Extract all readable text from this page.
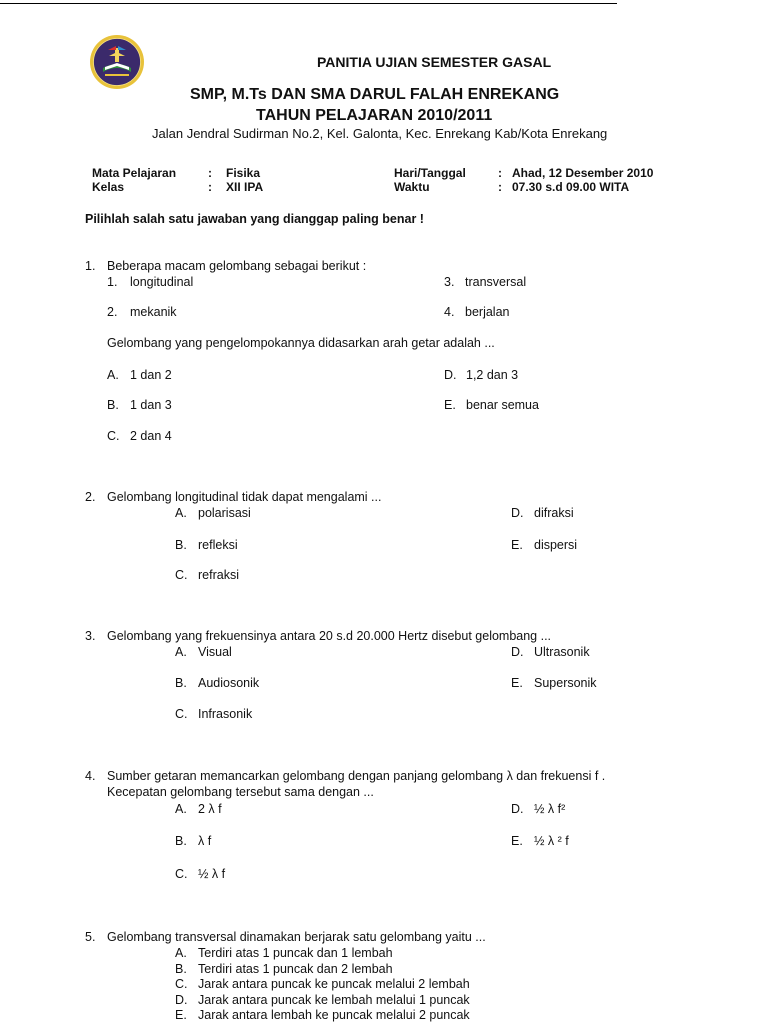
PANITIA UJIAN SEMESTER GASAL
SMP, M.Ts DAN SMA DARUL FALAH ENREKANG
TAHUN PELAJARAN 2010/2011
Jalan Jendral Sudirman No.2, Kel. Galonta, Kec. Enrekang Kab/Kota Enrekang
Mata Pelajaran	: Fisika
Kelas	: XII IPA
Hari/Tanggal	: Ahad, 12 Desember 2010
Waktu	: 07.30 s.d 09.00 WITA
Pilihlah salah satu jawaban yang dianggap paling benar !
1. Beberapa macam gelombang sebagai berikut :
1. longitudinal	3. transversal
2. mekanik	4. berjalan
Gelombang yang pengelompokannya didasarkan arah getar adalah ...
A. 1 dan 2	D. 1,2 dan 3
B. 1 dan 3	E. benar semua
C. 2 dan 4
2. Gelombang longitudinal tidak dapat mengalami ...
A. polarisasi	D. difraksi
B. refleksi	E. dispersi
C. refraksi
3. Gelombang yang frekuensinya antara 20 s.d 20.000 Hertz disebut gelombang ...
A. Visual	D. Ultrasonik
B. Audiosonik	E. Supersonik
C. Infrasonik
4. Sumber getaran memancarkan gelombang dengan panjang gelombang λ dan frekuensi f .
Kecepatan gelombang tersebut sama dengan ...
A. 2 λ f	D. ½ λ f²
B. λ f	E. ½ λ ² f
C. ½ λ f
5. Gelombang transversal dinamakan berjarak satu gelombang yaitu ...
A. Terdiri atas 1 puncak dan 1 lembah
B. Terdiri atas 1 puncak dan 2 lembah
C. Jarak antara puncak ke puncak melalui 2 lembah
D. Jarak antara puncak ke lembah melalui 1 puncak
E. Jarak antara lembah ke puncak melalui 2 puncak
